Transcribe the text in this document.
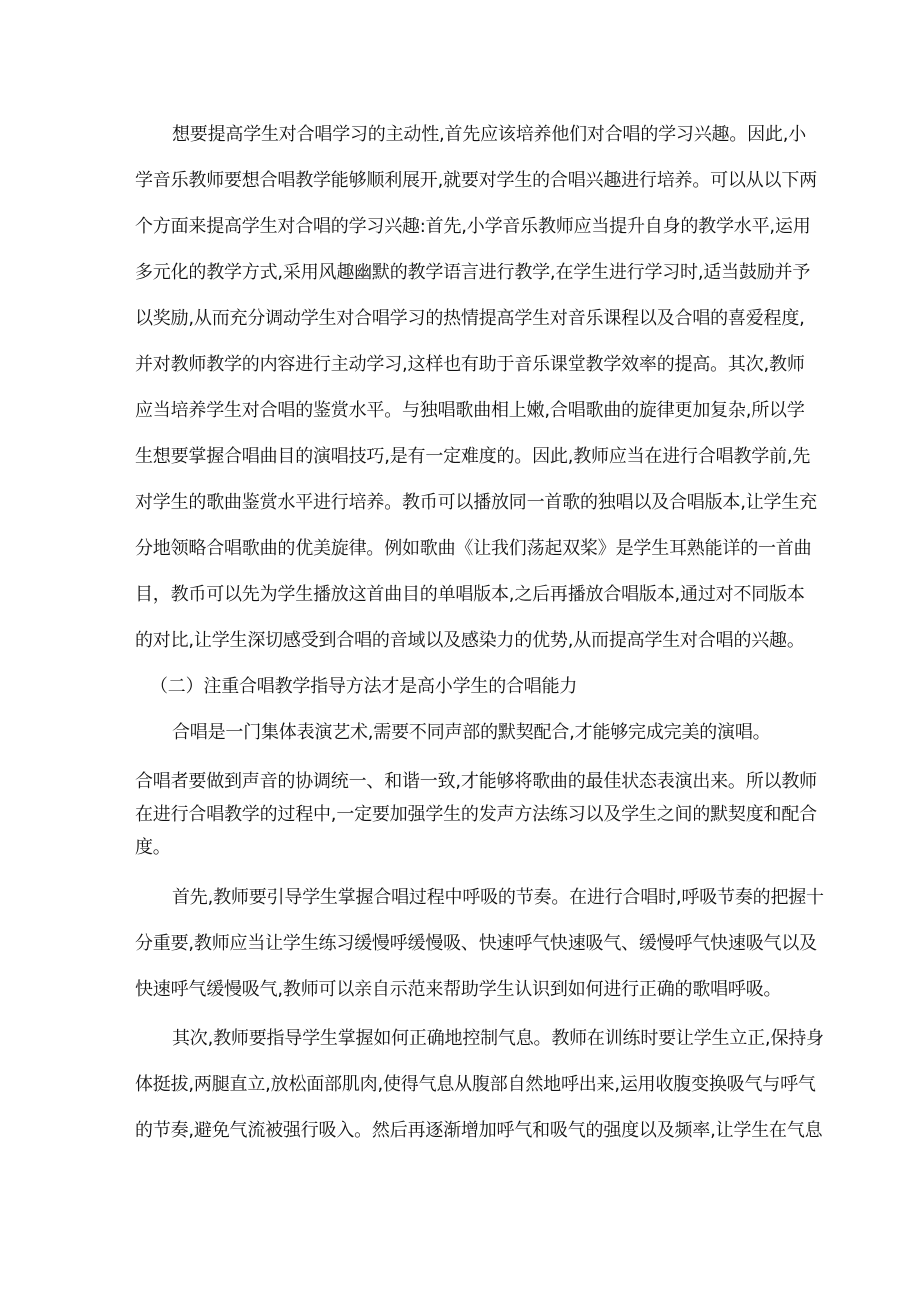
想要提高学生对合唱学习的主动性,首先应该培养他们对合唱的学习兴趣。因此,小
学音乐教师要想合唱教学能够顺利展开,就要对学生的合唱兴趣进行培养。可以从以下两
个方面来提高学生对合唱的学习兴趣:首先,小学音乐教师应当提升自身的教学水平,运用
多元化的教学方式,采用风趣幽默的教学语言进行教学,在学生进行学习时,适当鼓励并予
以奖励,从而充分调动学生对合唱学习的热情提高学生对音乐课程以及合唱的喜爱程度,
并对教师教学的内容进行主动学习,这样也有助于音乐课堂教学效率的提高。其次,教师
应当培养学生对合唱的鉴赏水平。与独唱歌曲相上嫩,合唱歌曲的旋律更加复杂,所以学
生想要掌握合唱曲目的演唱技巧,是有一定难度的。因此,教师应当在进行合唱教学前,先
对学生的歌曲鉴赏水平进行培养。教币可以播放同一首歌的独唱以及合唱版本,让学生充
分地领略合唱歌曲的优美旋律。例如歌曲《让我们荡起双桨》是学生耳熟能详的一首曲
目，教币可以先为学生播放这首曲目的单唱版本,之后再播放合唱版本,通过对不同版本
的对比,让学生深切感受到合唱的音域以及感染力的优势,从而提高学生对合唱的兴趣。
（二）注重合唱教学指导方法才是高小学生的合唱能力
合唱是一门集体表演艺术,需要不同声部的默契配合,才能够完成完美的演唱。
合唱者要做到声音的协调统一、和谐一致,才能够将歌曲的最佳状态表演出来。所以教师
在进行合唱教学的过程中,一定要加强学生的发声方法练习以及学生之间的默契度和配合
度。
首先,教师要引导学生掌握合唱过程中呼吸的节奏。在进行合唱时,呼吸节奏的把握十
分重要,教师应当让学生练习缓慢呼缓慢吸、快速呼气快速吸气、缓慢呼气快速吸气以及
快速呼气缓慢吸气,教师可以亲自示范来帮助学生认识到如何进行正确的歌唱呼吸。
其次,教师要指导学生掌握如何正确地控制气息。教师在训练时要让学生立正,保持身
体挺拔,两腿直立,放松面部肌肉,使得气息从腹部自然地呼出来,运用收腹变换吸气与呼气
的节奏,避免气流被强行吸入。然后再逐渐增加呼气和吸气的强度以及频率,让学生在气息
